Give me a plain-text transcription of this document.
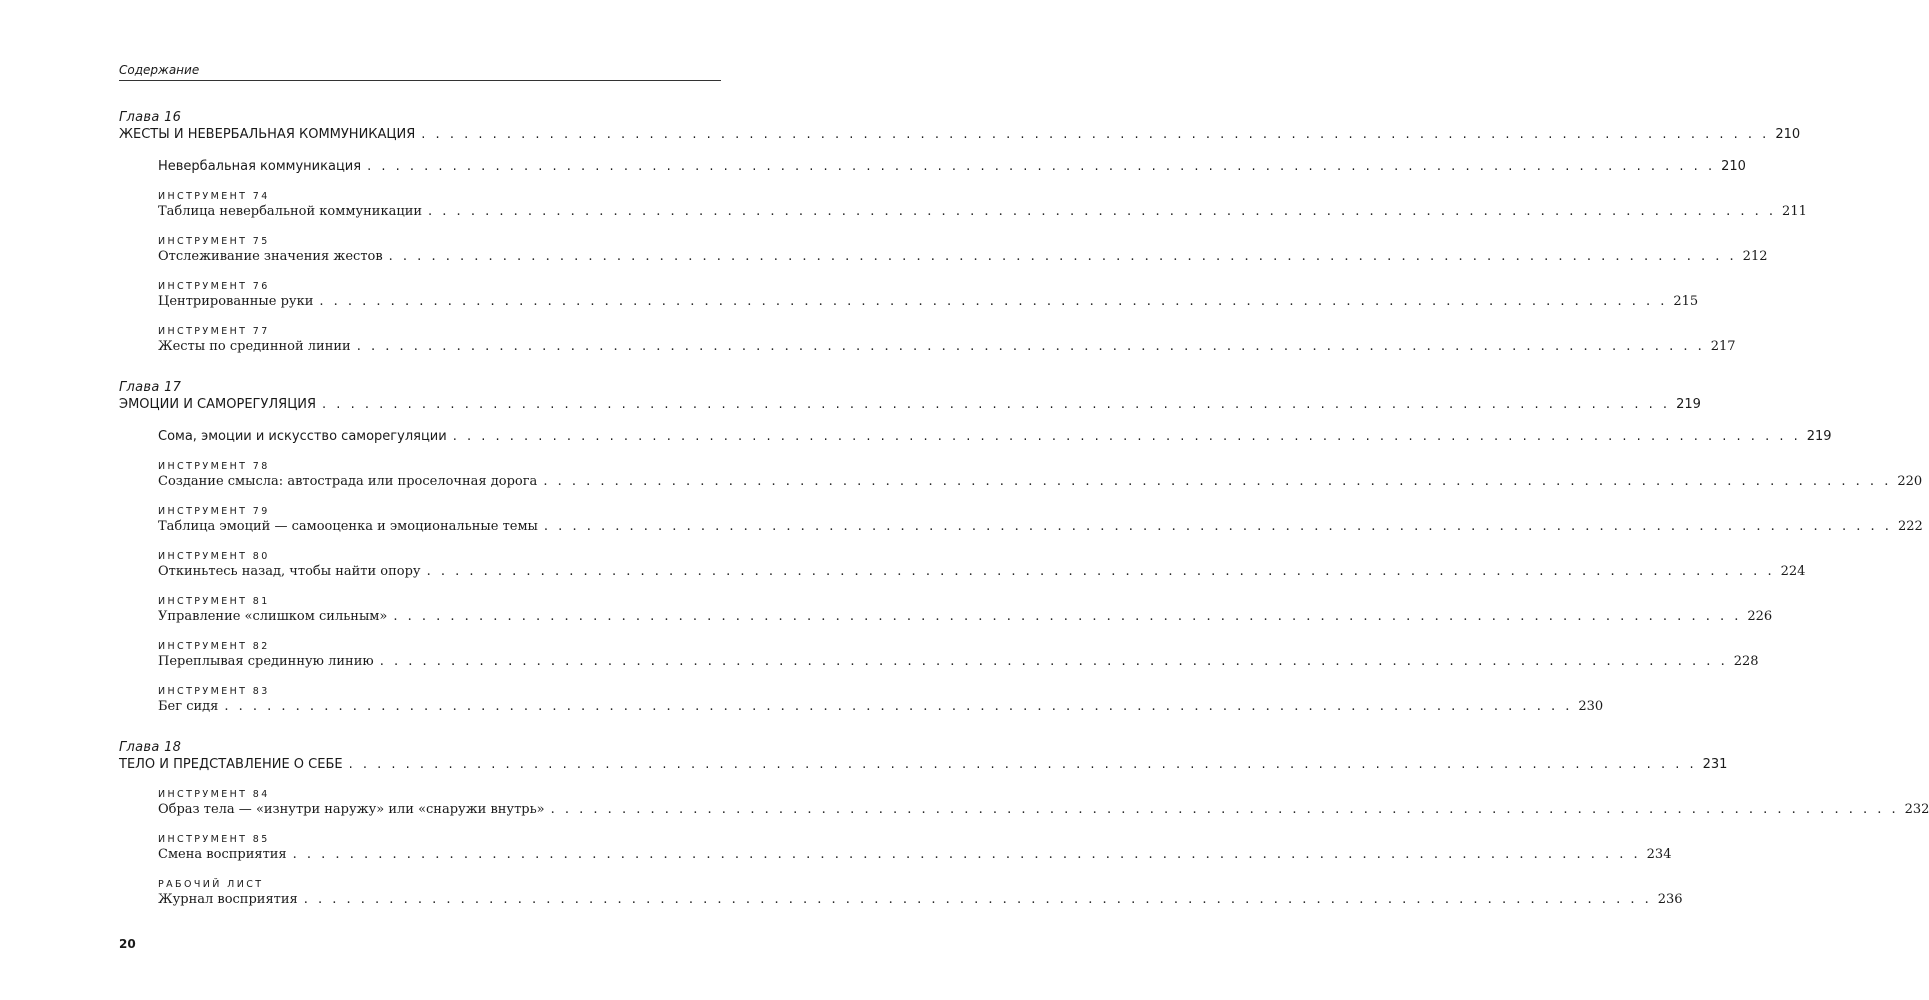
Содержание
Глава 16
ЖЕСТЫ И НЕВЕРБАЛЬНАЯ КОММУНИКАЦИЯ . . . . . . . . . . . . . . . . . . . . . . . . . . . . . . . . . . . . . . . . . . . . . . . . . . . . . . . . . . . . . . . . . . . . . . . . . . . . . . . . . . . . . . . . . . . . . . . 210
Невербальная коммуникация . . . . . . . . . . . . . . . . . . . . . . . . . . . . . . . . . . . . . . . . . . . . . . . . . . . . . . . . . . . . . . . . . . . . . . . . . . . . . . . . . . . . . . . . . . . . . . . 210
ИНСТРУМЕНТ 74
Таблица невербальной коммуникации . . . . . . . . . . . . . . . . . . . . . . . . . . . . . . . . . . . . . . . . . . . . . . . . . . . . . . . . . . . . . . . . . . . . . . . . . . . . . . . . . . . . . . . . . . . . . . . 211
ИНСТРУМЕНТ 75
Отслеживание значения жестов . . . . . . . . . . . . . . . . . . . . . . . . . . . . . . . . . . . . . . . . . . . . . . . . . . . . . . . . . . . . . . . . . . . . . . . . . . . . . . . . . . . . . . . . . . . . . . . 212
ИНСТРУМЕНТ 76
Центрированные руки . . . . . . . . . . . . . . . . . . . . . . . . . . . . . . . . . . . . . . . . . . . . . . . . . . . . . . . . . . . . . . . . . . . . . . . . . . . . . . . . . . . . . . . . . . . . . . . 215
ИНСТРУМЕНТ 77
Жесты по срединной линии . . . . . . . . . . . . . . . . . . . . . . . . . . . . . . . . . . . . . . . . . . . . . . . . . . . . . . . . . . . . . . . . . . . . . . . . . . . . . . . . . . . . . . . . . . . . . . . 217
Глава 17
ЭМОЦИИ И САМОРЕГУЛЯЦИЯ . . . . . . . . . . . . . . . . . . . . . . . . . . . . . . . . . . . . . . . . . . . . . . . . . . . . . . . . . . . . . . . . . . . . . . . . . . . . . . . . . . . . . . . . . . . . . . . 219
Сома, эмоции и искусство саморегуляции . . . . . . . . . . . . . . . . . . . . . . . . . . . . . . . . . . . . . . . . . . . . . . . . . . . . . . . . . . . . . . . . . . . . . . . . . . . . . . . . . . . . . . . . . . . . . . . 219
ИНСТРУМЕНТ 78
Создание смысла: автострада или проселочная дорога . . . . . . . . . . . . . . . . . . . . . . . . . . . . . . . . . . . . . . . . . . . . . . . . . . . . . . . . . . . . . . . . . . . . . . . . . . . . . . . . . . . . . . . . . . . . . . . 220
ИНСТРУМЕНТ 79
Таблица эмоций — самооценка и эмоциональные темы . . . . . . . . . . . . . . . . . . . . . . . . . . . . . . . . . . . . . . . . . . . . . . . . . . . . . . . . . . . . . . . . . . . . . . . . . . . . . . . . . . . . . . . . . . . . . . . 222
ИНСТРУМЕНТ 80
Откиньтесь назад, чтобы найти опору . . . . . . . . . . . . . . . . . . . . . . . . . . . . . . . . . . . . . . . . . . . . . . . . . . . . . . . . . . . . . . . . . . . . . . . . . . . . . . . . . . . . . . . . . . . . . . . 224
ИНСТРУМЕНТ 81
Управление «слишком сильным» . . . . . . . . . . . . . . . . . . . . . . . . . . . . . . . . . . . . . . . . . . . . . . . . . . . . . . . . . . . . . . . . . . . . . . . . . . . . . . . . . . . . . . . . . . . . . . . 226
ИНСТРУМЕНТ 82
Переплывая срединную линию . . . . . . . . . . . . . . . . . . . . . . . . . . . . . . . . . . . . . . . . . . . . . . . . . . . . . . . . . . . . . . . . . . . . . . . . . . . . . . . . . . . . . . . . . . . . . . . 228
ИНСТРУМЕНТ 83
Бег сидя . . . . . . . . . . . . . . . . . . . . . . . . . . . . . . . . . . . . . . . . . . . . . . . . . . . . . . . . . . . . . . . . . . . . . . . . . . . . . . . . . . . . . . . . . . . . . . . 230
Глава 18
ТЕЛО И ПРЕДСТАВЛЕНИЕ О СЕБЕ . . . . . . . . . . . . . . . . . . . . . . . . . . . . . . . . . . . . . . . . . . . . . . . . . . . . . . . . . . . . . . . . . . . . . . . . . . . . . . . . . . . . . . . . . . . . . . . 231
ИНСТРУМЕНТ 84
Образ тела — «изнутри наружу» или «снаружи внутрь» . . . . . . . . . . . . . . . . . . . . . . . . . . . . . . . . . . . . . . . . . . . . . . . . . . . . . . . . . . . . . . . . . . . . . . . . . . . . . . . . . . . . . . . . . . . . . . . 232
ИНСТРУМЕНТ 85
Смена восприятия . . . . . . . . . . . . . . . . . . . . . . . . . . . . . . . . . . . . . . . . . . . . . . . . . . . . . . . . . . . . . . . . . . . . . . . . . . . . . . . . . . . . . . . . . . . . . . . 234
РАБОЧИЙ ЛИСТ
Журнал восприятия . . . . . . . . . . . . . . . . . . . . . . . . . . . . . . . . . . . . . . . . . . . . . . . . . . . . . . . . . . . . . . . . . . . . . . . . . . . . . . . . . . . . . . . . . . . . . . . 236
20
